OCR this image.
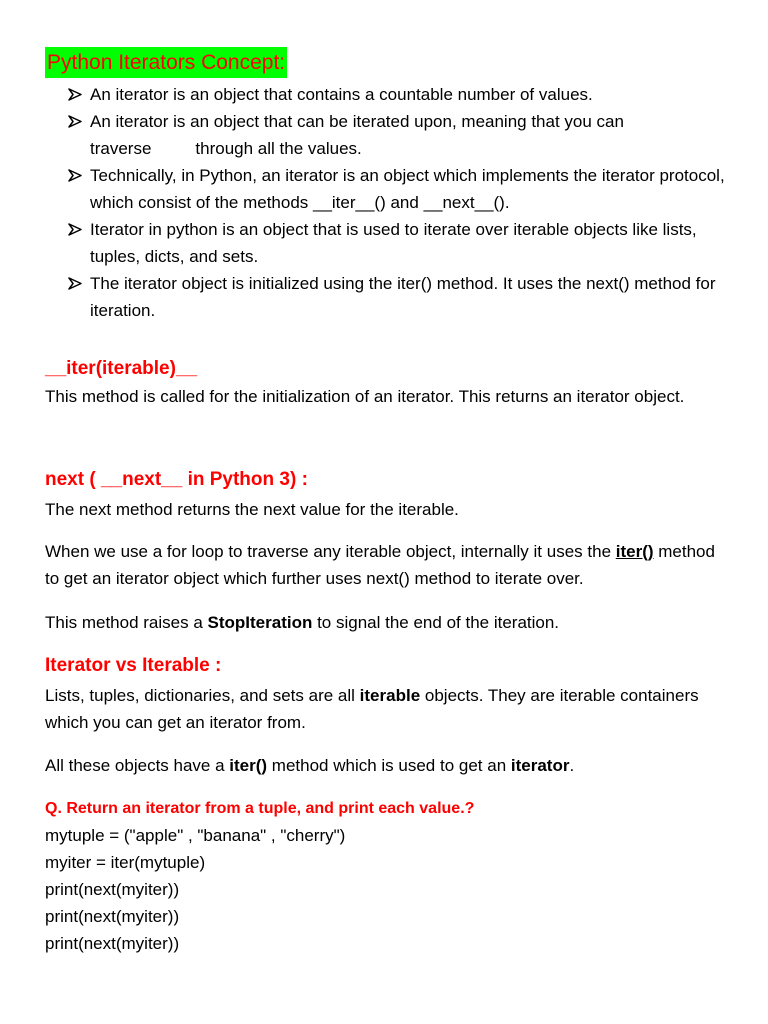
Python Iterators Concept:
An iterator is an object that contains a countable number of values.
An iterator is an object that can be iterated upon, meaning that you can
traverse	through all the values.
Technically, in Python, an iterator is an object which implements the iterator protocol, which consist of the methods __iter__() and __next__().
Iterator in python is an object that is used to iterate over iterable objects like lists, tuples, dicts, and sets.
The iterator object is initialized using the iter() method. It uses the next() method for iteration.
__iter(iterable)__

This method is called for the initialization of an iterator. This returns an iterator object.

next ( __next__ in Python 3) :

The next method returns the next value for the iterable.

When we use a for loop to traverse any iterable object, internally it uses the iter() method to get an iterator object which further uses next() method to iterate over.

This method raises a StopIteration to signal the end of the iteration.

Iterator vs Iterable :

Lists, tuples, dictionaries, and sets are all iterable objects. They are iterable containers which you can get an iterator from.

All these objects have a iter() method which is used to get an iterator.

Q. Return an iterator from a tuple, and print each value.?

mytuple = ("apple" , "banana" , "cherry")
myiter = iter(mytuple)
print(next(myiter))
print(next(myiter))
print(next(myiter))
